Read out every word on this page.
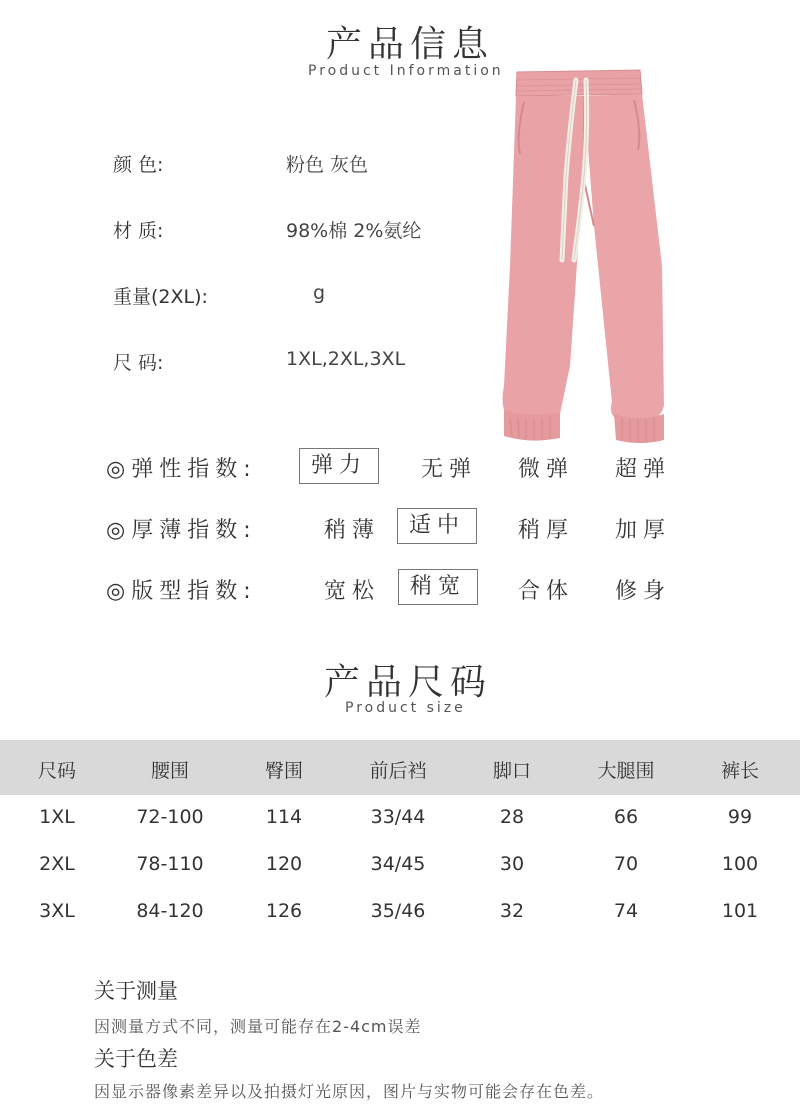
产品信息
Product Information
颜 色:	粉色 灰色
材 质:	98%棉 2%氨纶
重量(2XL):	g
尺 码:	1XL,2XL,3XL
◎弹性指数:	弹力	无弹	微弹	超弹
◎厚薄指数:	稍薄	适中	稍厚	加厚
◎版型指数:	宽松	稍宽	合体	修身
产品尺码
Product size
尺码	腰围	臀围	前后裆	脚口	大腿围	裤长
1XL	72-100	114	33/44	28	66	99
2XL	78-110	120	34/45	30	70	100
3XL	84-120	126	35/46	32	74	101
关于测量
因测量方式不同，测量可能存在2-4cm误差
关于色差
因显示器像素差异以及拍摄灯光原因，图片与实物可能会存在色差。
